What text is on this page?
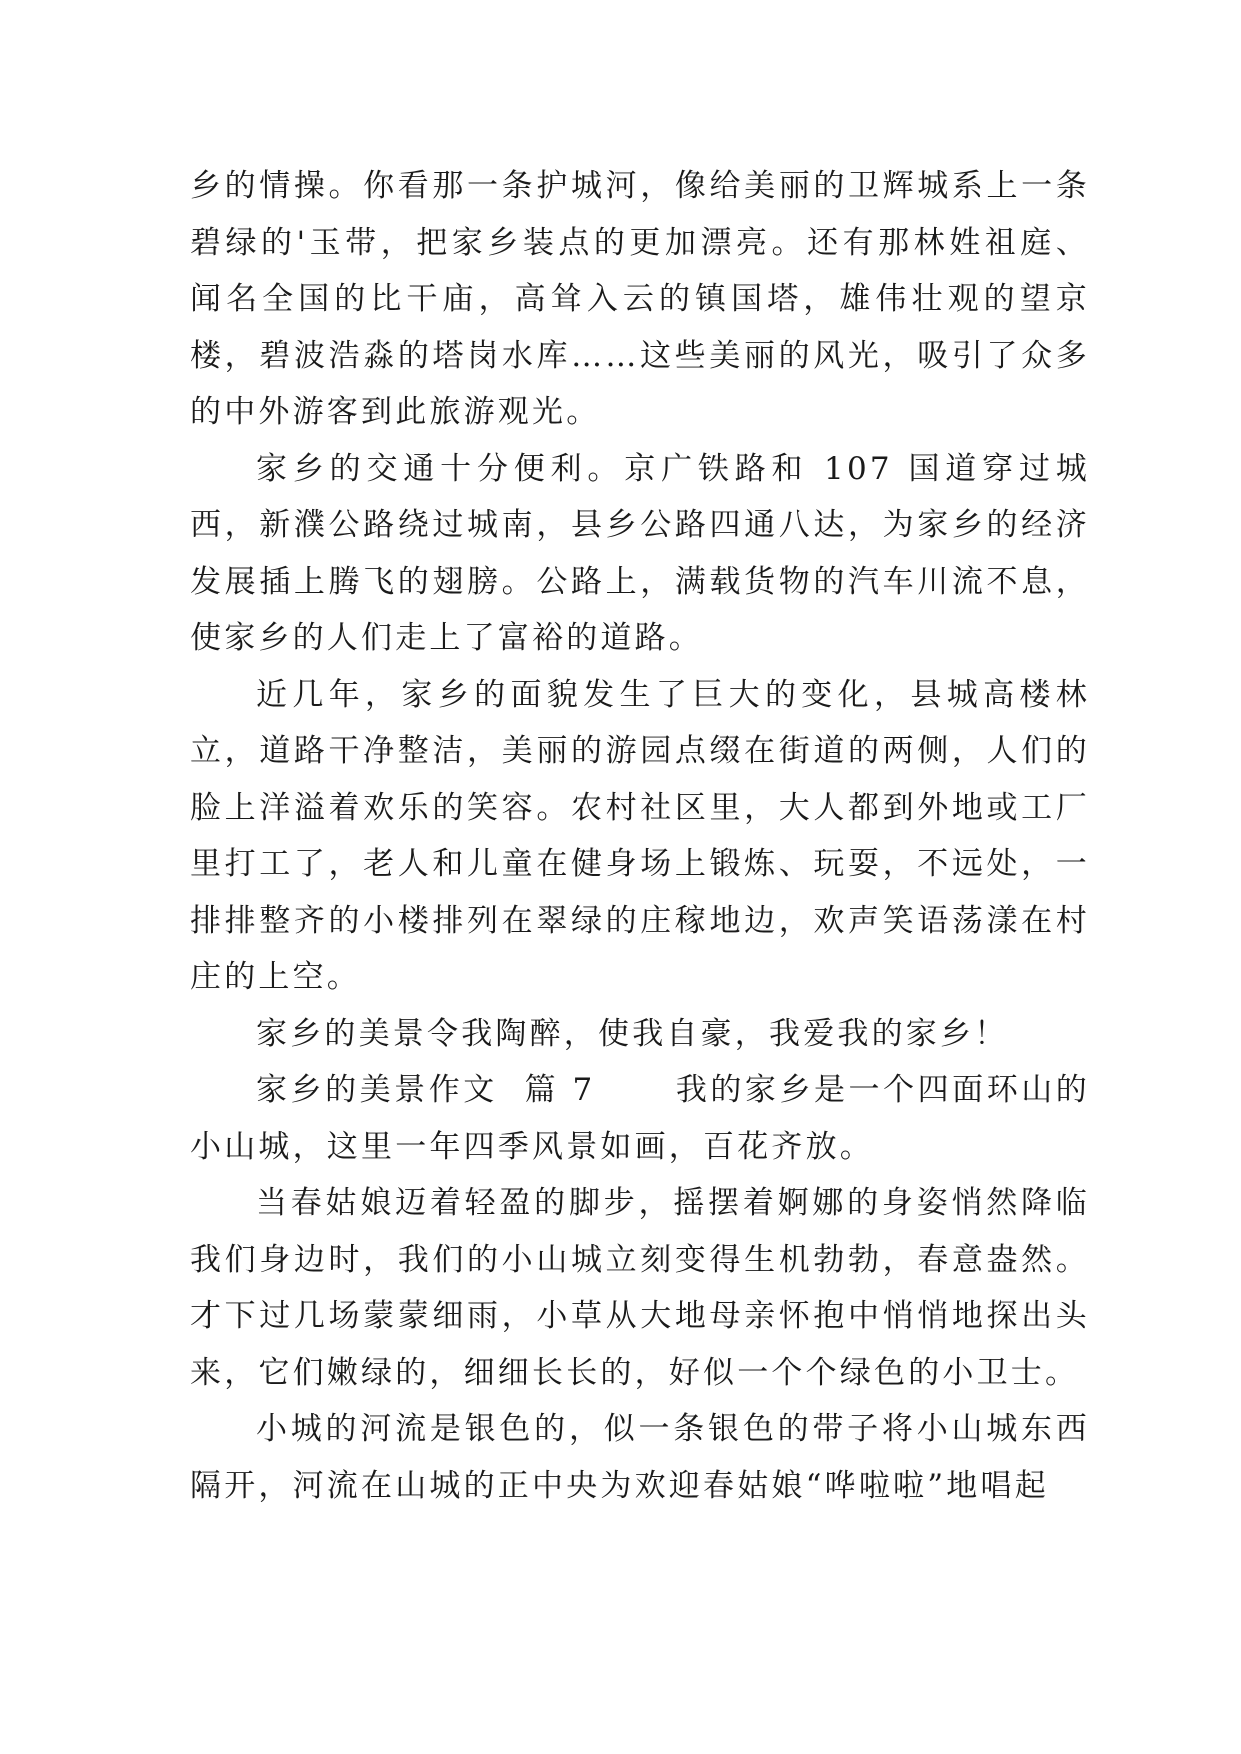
乡的情操。你看那一条护城河，像给美丽的卫辉城系上一条碧绿的'玉带，把家乡装点的更加漂亮。还有那林姓祖庭、闻名全国的比干庙，高耸入云的镇国塔，雄伟壮观的望京楼，碧波浩淼的塔岗水库……这些美丽的风光，吸引了众多的中外游客到此旅游观光。

家乡的交通十分便利。京广铁路和 107 国道穿过城西，新濮公路绕过城南，县乡公路四通八达，为家乡的经济发展插上腾飞的翅膀。公路上，满载货物的汽车川流不息，使家乡的人们走上了富裕的道路。

近几年，家乡的面貌发生了巨大的变化，县城高楼林立，道路干净整洁，美丽的游园点缀在街道的两侧，人们的脸上洋溢着欢乐的笑容。农村社区里，大人都到外地或工厂里打工了，老人和儿童在健身场上锻炼、玩耍，不远处，一排排整齐的小楼排列在翠绿的庄稼地边，欢声笑语荡漾在村庄的上空。

家乡的美景令我陶醉，使我自豪，我爱我的家乡！

家乡的美景作文  篇 7      我的家乡是一个四面环山的小山城，这里一年四季风景如画，百花齐放。

当春姑娘迈着轻盈的脚步，摇摆着婀娜的身姿悄然降临我们身边时，我们的小山城立刻变得生机勃勃，春意盎然。才下过几场蒙蒙细雨，小草从大地母亲怀抱中悄悄地探出头来，它们嫩绿的，细细长长的，好似一个个绿色的小卫士。

小城的河流是银色的，似一条银色的带子将小山城东西隔开，河流在山城的正中央为欢迎春姑娘“哗啦啦”地唱起
